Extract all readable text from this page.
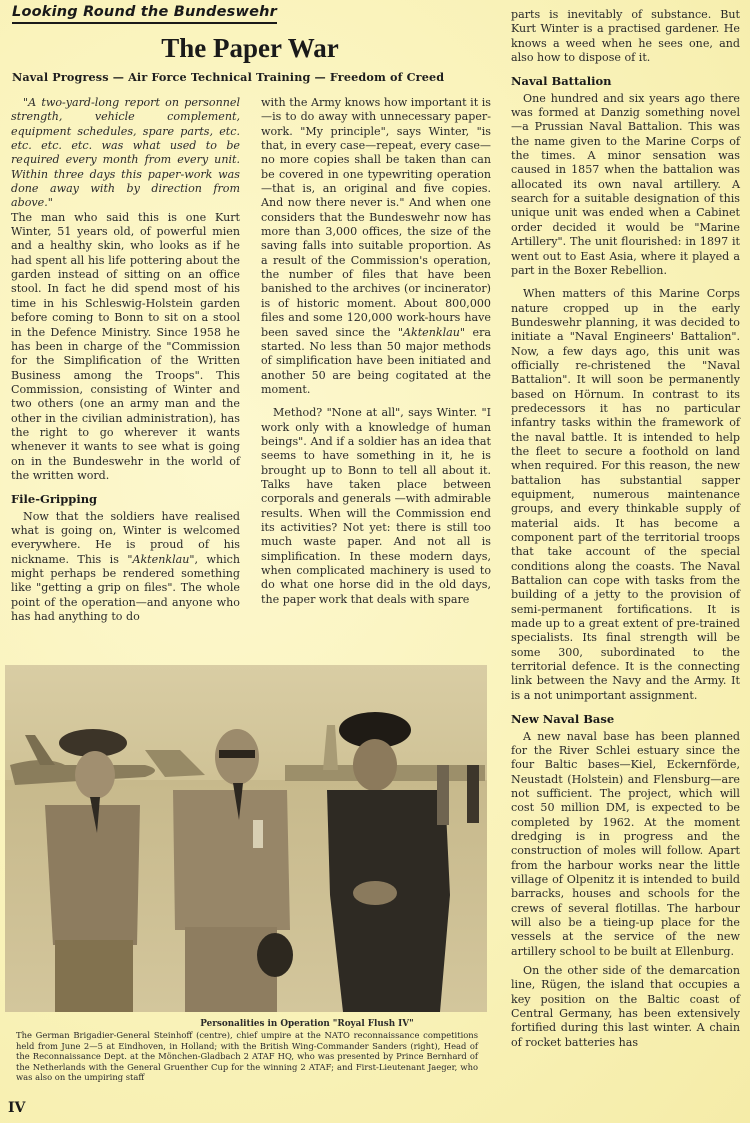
Looking Round the Bundeswehr
The Paper War
Naval Progress — Air Force Technical Training — Freedom of Creed

"A two-yard-long report on personnel strength, vehicle complement, equipment schedules, spare parts, etc. etc. etc. etc. was what used to be required every month from every unit. Within three days this paper-work was done away with by direction from above."

The man who said this is one Kurt Winter, 51 years old, of powerful mien and a healthy skin, who looks as if he had spent all his life pottering about the garden instead of sitting on an office stool. In fact he did spend most of his time in his Schleswig-Holstein garden before coming to Bonn to sit on a stool in the Defence Ministry. Since 1958 he has been in charge of the "Commission for the Simplification of the Written Business among the Troops". This Commission, consisting of Winter and two others (one an army man and the other in the civilian administration), has the right to go wherever it wants whenever it wants to see what is going on in the Bundeswehr in the world of the written word.

File-Gripping

Now that the soldiers have realised what is going on, Winter is welcomed everywhere. He is proud of his nickname. This is "Aktenklau", which might perhaps be rendered something like "getting a grip on files". The whole point of the operation—and anyone who has had anything to do

with the Army knows how important it is—is to do away with unnecessary paper-work. "My principle", says Winter, "is that, in every case—repeat, every case—no more copies shall be taken than can be covered in one typewriting operation—that is, an original and five copies. And now there never is." And when one considers that the Bundeswehr now has more than 3,000 offices, the size of the saving falls into suitable proportion. As a result of the Commission's operation, the number of files that have been banished to the archives (or incinerator) is of historic moment. About 800,000 files and some 120,000 work-hours have been saved since the "Aktenklau" era started. No less than 50 major methods of simplification have been initiated and another 50 are being cogitated at the moment.

Method? "None at all", says Winter. "I work only with a knowledge of human beings". And if a soldier has an idea that seems to have something in it, he is brought up to Bonn to tell all about it. Talks have taken place between corporals and generals —with admirable results. When will the Commission end its activities? Not yet: there is still too much waste paper. And not all is simplification. In these modern days, when complicated machinery is used to do what one horse did in the old days, the paper work that deals with spare

parts is inevitably of substance. But Kurt Winter is a practised gardener. He knows a weed when he sees one, and also how to dispose of it.

Naval Battalion

One hundred and six years ago there was formed at Danzig something novel—a Prussian Naval Battalion. This was the name given to the Marine Corps of the times. A minor sensation was caused in 1857 when the battalion was allocated its own naval artillery. A search for a suitable designation of this unique unit was ended when a Cabinet order decided it would be "Marine Artillery". The unit flourished: in 1897 it went out to East Asia, where it played a part in the Boxer Rebellion.

When matters of this Marine Corps nature cropped up in the early Bundeswehr planning, it was decided to initiate a "Naval Engineers' Battalion". Now, a few days ago, this unit was officially re-christened the "Naval Battalion". It will soon be permanently based on Hörnum. In contrast to its predecessors it has no particular infantry tasks within the framework of the naval battle. It is intended to help the fleet to secure a foothold on land when required. For this reason, the new battalion has substantial sapper equipment, numerous maintenance groups, and every thinkable supply of material aids. It has become a component part of the territorial troops that take account of the special conditions along the coasts. The Naval Battalion can cope with tasks from the building of a jetty to the provision of semi-permanent fortifications. It is made up to a great extent of pre-trained specialists. Its final strength will be some 300, subordinated to the territorial defence. It is the connecting link between the Navy and the Army. It is a not unimportant assignment.

New Naval Base

A new naval base has been planned for the River Schlei estuary since the four Baltic bases—Kiel, Eckernförde, Neustadt (Holstein) and Flensburg—are not sufficient. The project, which will cost 50 million DM, is expected to be completed by 1962. At the moment dredging is in progress and the construction of moles will follow. Apart from the harbour works near the little village of Olpenitz it is intended to build barracks, houses and schools for the crews of several flotillas. The harbour will also be a tieing-up place for the vessels at the service of the new artillery school to be built at Ellenburg.

On the other side of the demarcation line, Rügen, the island that occupies a key position on the Baltic coast of Central Germany, has been extensively fortified during this last winter. A chain of rocket batteries has

Personalities in Operation "Royal Flush IV"
The German Brigadier-General Steinhoff (centre), chief umpire at the NATO reconnaissance competitions held from June 2—5 at Eindhoven, in Holland; with the British Wing-Commander Sanders (right), Head of the Reconnaissance Dept. at the Mönchen-Gladbach 2 ATAF HQ, who was presented by Prince Bernhard of the Netherlands with the General Gruenther Cup for the winning 2 ATAF; and First-Lieutenant Jaeger, who was also on the umpiring staff
IV
